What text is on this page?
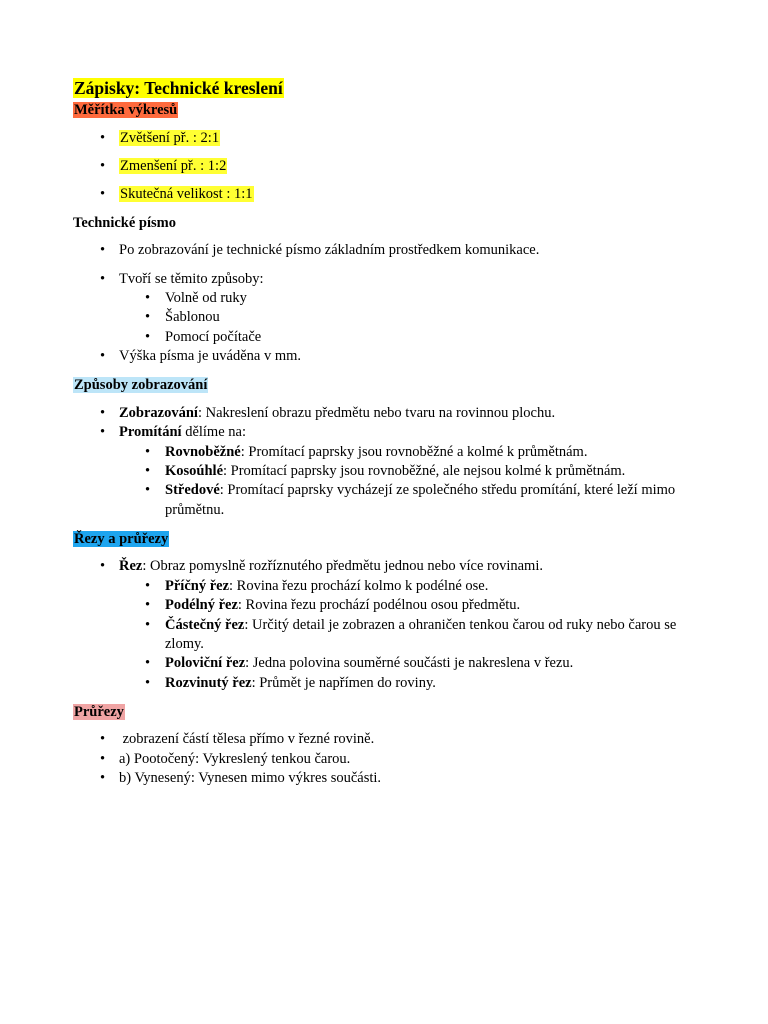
Zápisky: Technické kreslení

Měřítka výkresů

•
Zvětšení př. : 2:1
•
Zmenšení př. : 1:2
•
Skutečná velikost : 1:1

Technické písmo

•
Po zobrazování je technické písmo základním prostředkem komunikace.
•
Tvoří se těmito způsoby:
•
Volně od ruky
•
Šablonou
•
Pomocí počítače
•
Výška písma je uváděna v mm.

Způsoby zobrazování

•
Zobrazování: Nakreslení obrazu předmětu nebo tvaru na rovinnou plochu.
•
Promítání dělíme na:
•
Rovnoběžné: Promítací paprsky jsou rovnoběžné a kolmé k průmětnám.
•
Kosoúhlé: Promítací paprsky jsou rovnoběžné, ale nejsou kolmé k průmětnám.
•
Středové: Promítací paprsky vycházejí ze společného středu promítání, které leží mimo průmětnu.

Řezy a průřezy

•
Řez: Obraz pomyslně rozříznutého předmětu jednou nebo více rovinami.
•
Příčný řez: Rovina řezu prochází kolmo k podélné ose.
•
Podélný řez: Rovina řezu prochází podélnou osou předmětu.
•
Částečný řez: Určitý detail je zobrazen a ohraničen tenkou čarou od ruky nebo čarou se zlomy.
•
Poloviční řez: Jedna polovina souměrné součásti je nakreslena v řezu.
•
Rozvinutý řez: Průmět je napřímen do roviny.

Průřezy

•
zobrazení částí tělesa přímo v řezné rovině.
•
a) Pootočený: Vykreslený tenkou čarou.
•
b) Vynesený: Vynesen mimo výkres součásti.
